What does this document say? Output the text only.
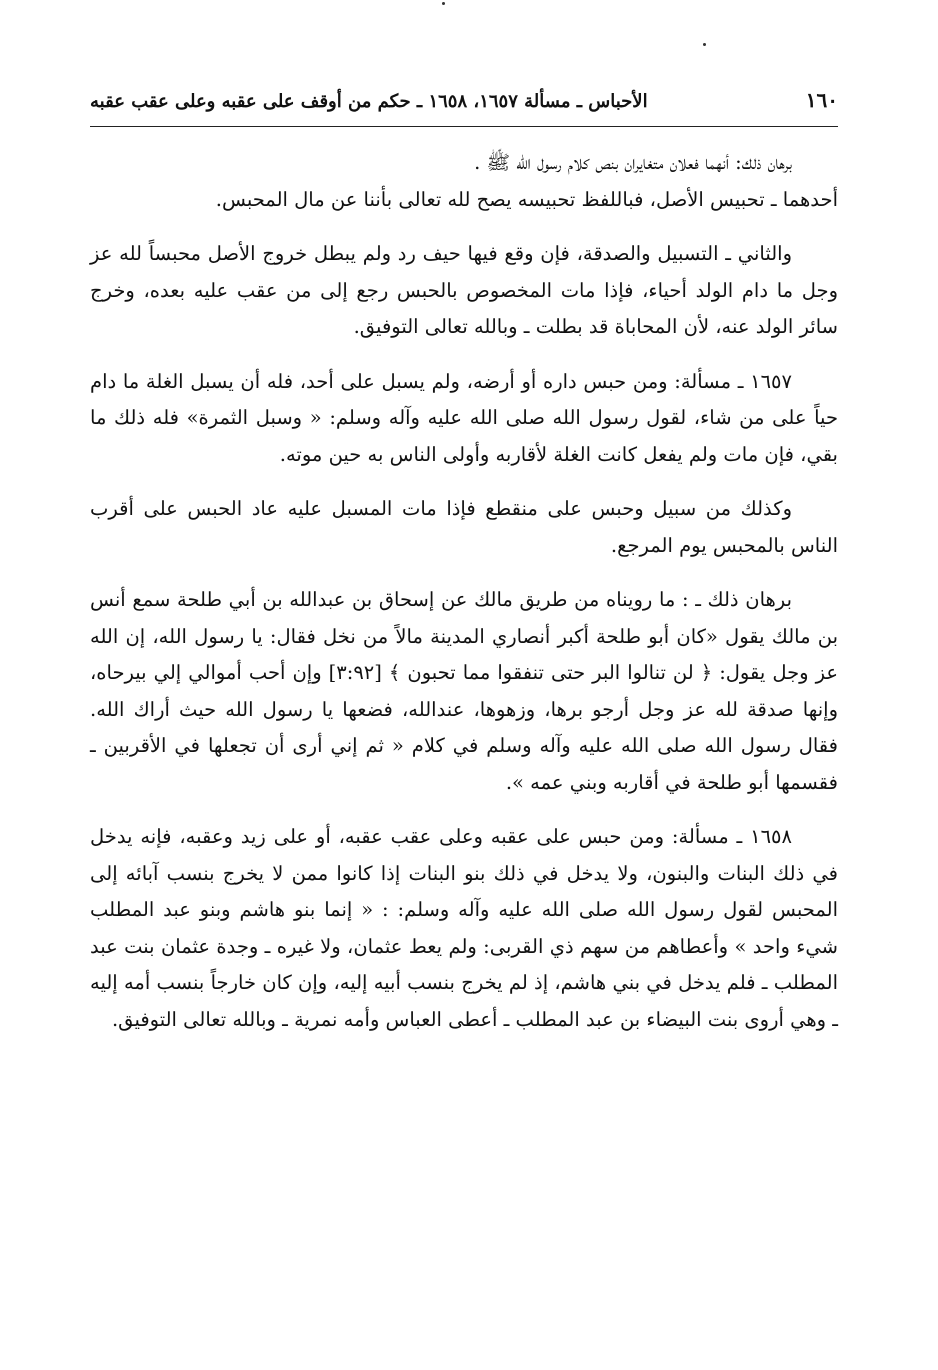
١٦٠
الأحباس ـ مسألة ١٦٥٧، ١٦٥٨ ـ حكم من أوقف على عقبه وعلى عقب عقبه

برهان ذلك: أنهما فعلان متغايران بنص كلام رسول الله ﷺ .

أحدهما ـ تحبيس الأصل، فباللفظ تحبيسه يصح لله تعالى بأننا عن مال المحبس.

والثاني ـ التسبيل والصدقة، فإن وقع فيها حيف رد ولم يبطل خروج الأصل محبساً لله عز وجل ما دام الولد أحياء، فإذا مات المخصوص بالحبس رجع إلى من عقب عليه بعده، وخرج سائر الولد عنه، لأن المحاباة قد بطلت ـ وبالله تعالى التوفيق.

١٦٥٧ ـ مسألة: ومن حبس داره أو أرضه، ولم يسبل على أحد، فله أن يسبل الغلة ما دام حياً على من شاء، لقول رسول الله صلى الله عليه وآله وسلم: « وسبل الثمرة» فله ذلك ما بقي، فإن مات ولم يفعل كانت الغلة لأقاربه وأولى الناس به حين موته.

وكذلك من سبيل وحبس على منقطع فإذا مات المسبل عليه عاد الحبس على أقرب الناس بالمحبس يوم المرجع.

برهان ذلك ـ : ما رويناه من طريق مالك عن إسحاق بن عبدالله بن أبي طلحة سمع أنس بن مالك يقول «كان أبو طلحة أكبر أنصاري المدينة مالاً من نخل فقال: يا رسول الله، إن الله عز وجل يقول: ﴿ لن تنالوا البر حتى تنفقوا مما تحبون ﴾ [٣:٩٢] وإن أحب أموالي إلي بيرحاه، وإنها صدقة لله عز وجل أرجو برها، وزهوها، عندالله، فضعها يا رسول الله حيث أراك الله. فقال رسول الله صلى الله عليه وآله وسلم في كلام « ثم إني أرى أن تجعلها في الأقربين ـ فقسمها أبو طلحة في أقاربه وبني عمه ».

١٦٥٨ ـ مسألة: ومن حبس على عقبه وعلى عقب عقبه، أو على زيد وعقبه، فإنه يدخل في ذلك البنات والبنون، ولا يدخل في ذلك بنو البنات إذا كانوا ممن لا يخرج بنسب آبائه إلى المحبس لقول رسول الله صلى الله عليه وآله وسلم: : « إنما بنو هاشم وبنو عبد المطلب شيء واحد » وأعطاهم من سهم ذي القربى: ولم يعط عثمان، ولا غيره ـ وجدة عثمان بنت عبد المطلب ـ فلم يدخل في بني هاشم، إذ لم يخرج بنسب أبيه إليه، وإن كان خارجاً بنسب أمه إليه ـ وهي أروى بنت البيضاء بن عبد المطلب ـ أعطى العباس وأمه نمرية ـ وبالله تعالى التوفيق.
